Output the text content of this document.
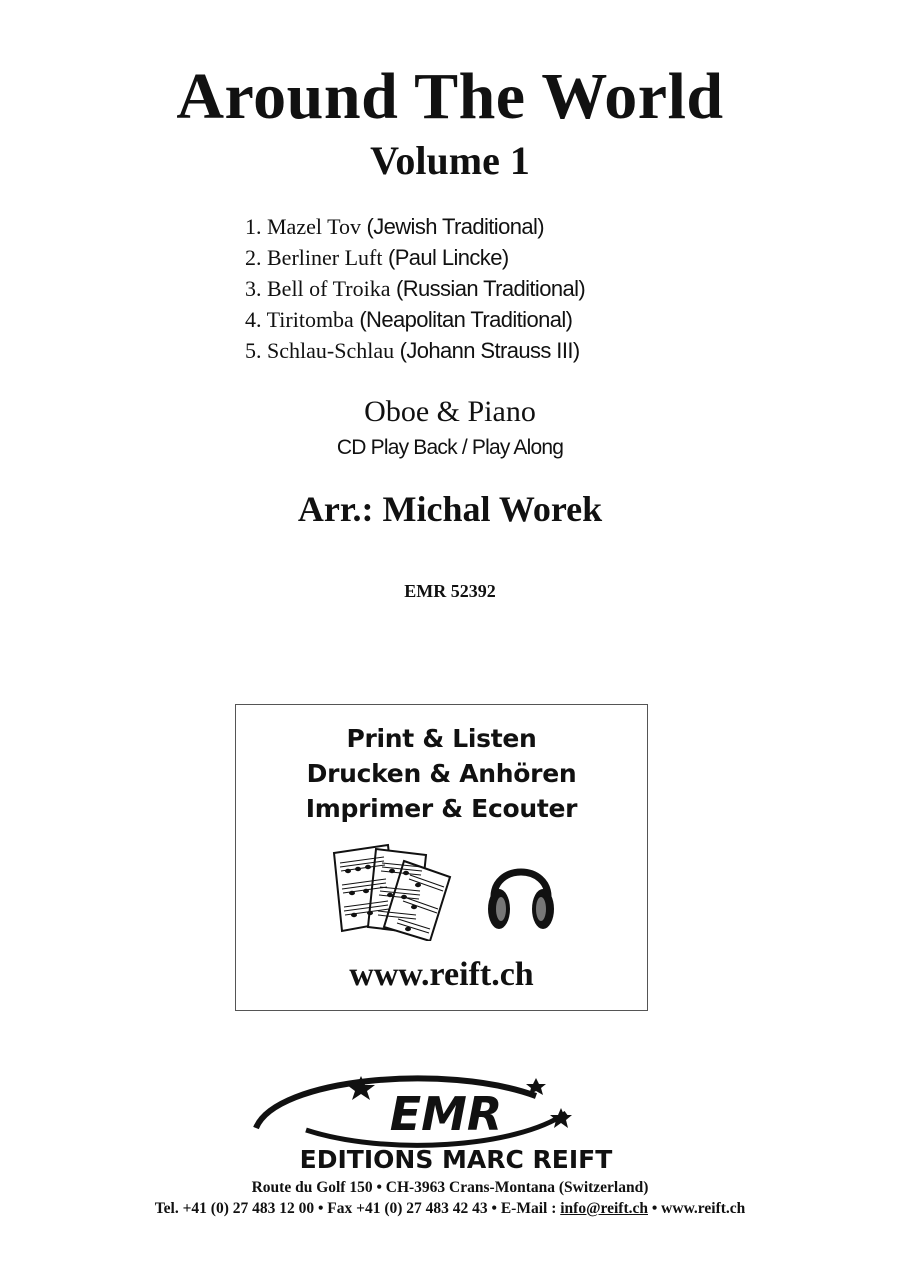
Around The World
Volume 1
1. Mazel Tov (Jewish Traditional)
2. Berliner Luft (Paul Lincke)
3. Bell of Troika (Russian Traditional)
4. Tiritomba (Neapolitan Traditional)
5. Schlau-Schlau (Johann Strauss III)
Oboe & Piano
CD Play Back / Play Along
Arr.: Michal Worek
EMR 52392
Print & Listen
Drucken & Anhören
Imprimer & Ecouter
www.reift.ch
EMR
EDITIONS MARC REIFT
Route du Golf 150 • CH-3963 Crans-Montana (Switzerland)
Tel. +41 (0) 27 483 12 00 • Fax +41 (0) 27 483 42 43 • E-Mail : info@reift.ch • www.reift.ch
